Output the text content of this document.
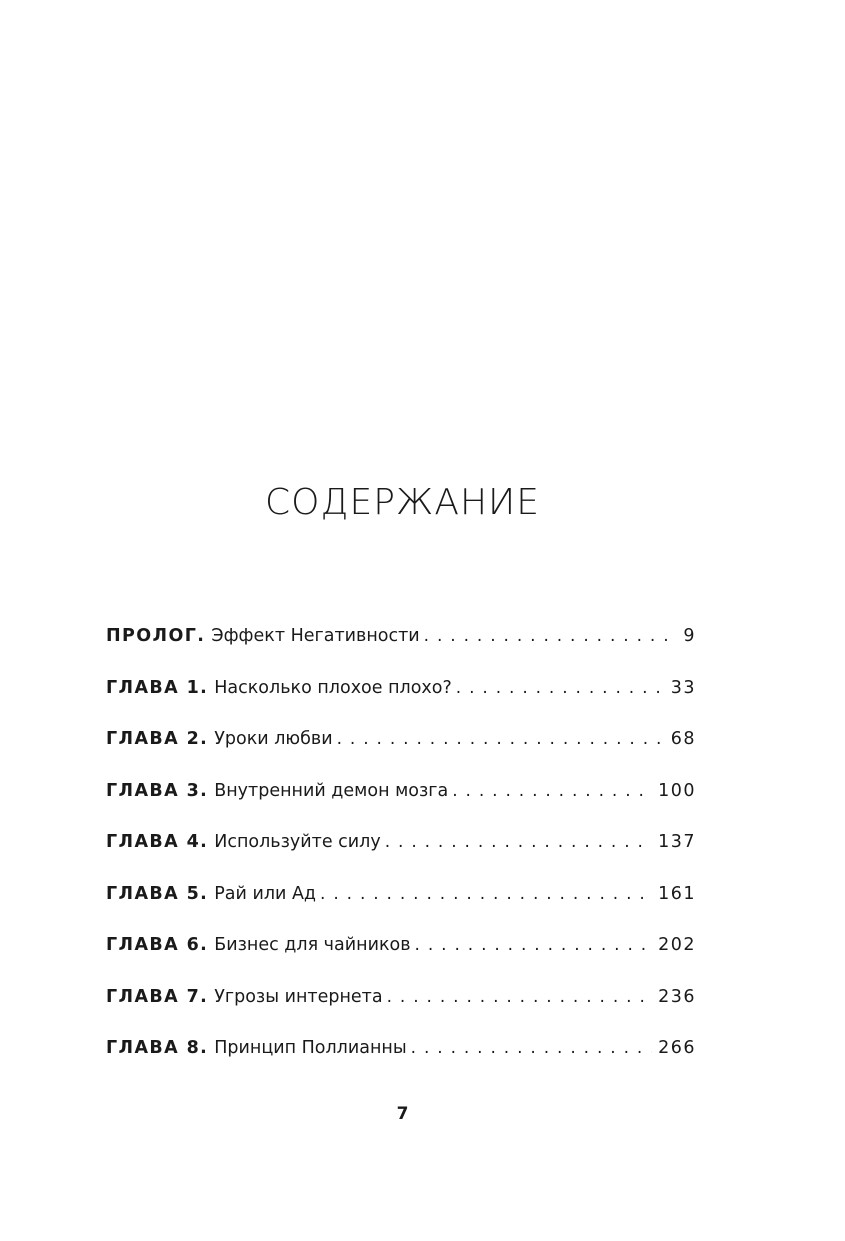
СОДЕРЖАНИЕ
ПРОЛОГ. Эффект Негативности . . .	9
ГЛАВА 1. Насколько плохое плохо? . . .	33
ГЛАВА 2. Уроки любви . . .	68
ГЛАВА 3. Внутренний демон мозга . . .	100
ГЛАВА 4. Используйте силу . . .	137
ГЛАВА 5. Рай или Ад . . .	161
ГЛАВА 6. Бизнес для чайников . . .	202
ГЛАВА 7. Угрозы интернета . . .	236
ГЛАВА 8. Принцип Поллианны . . .	266
7
